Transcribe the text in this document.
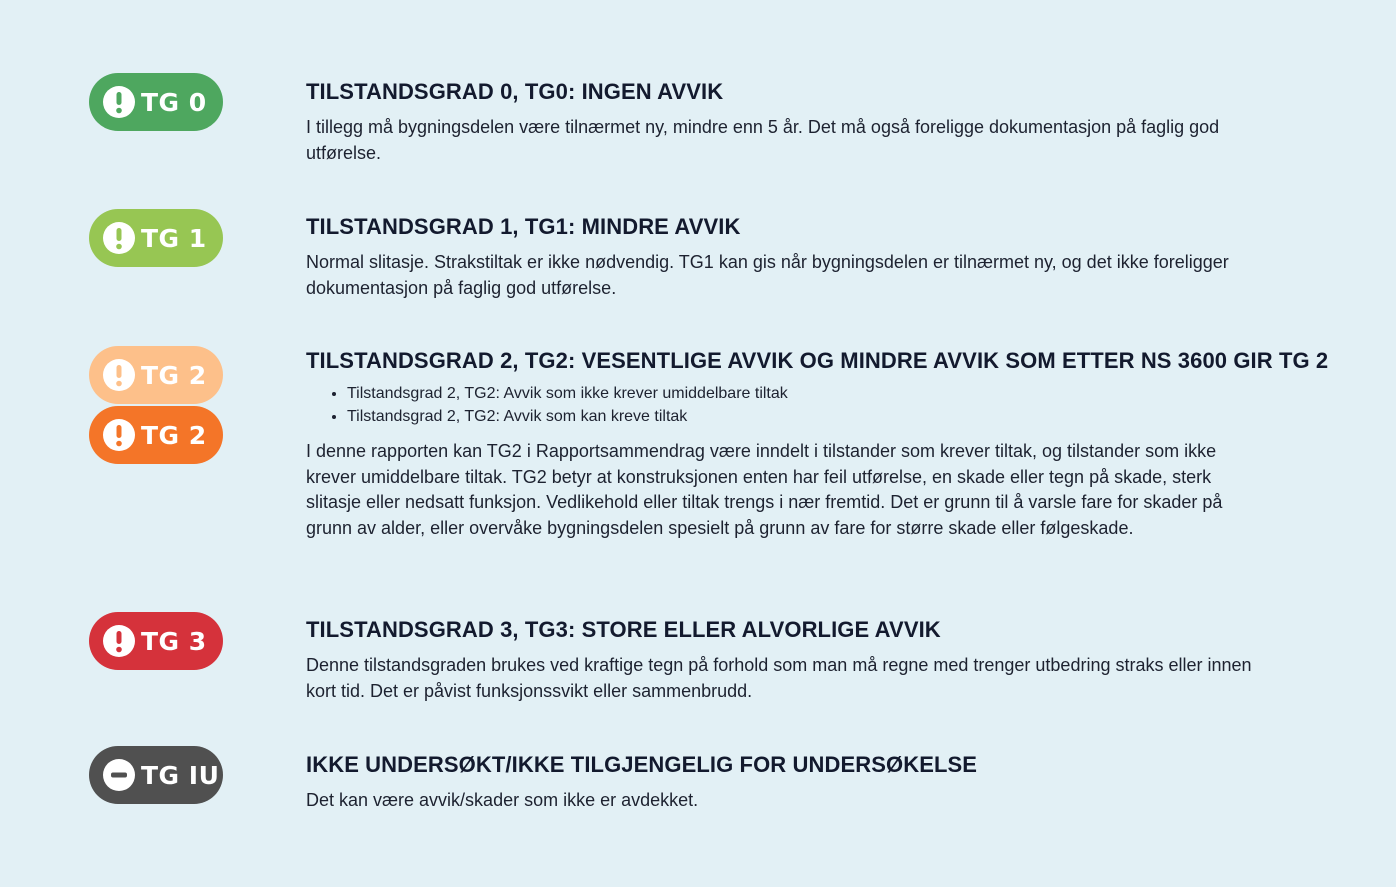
TG 0
TG 1
TG 2
TG 2
TG 3
TG IU
TILSTANDSGRAD 0, TG0: INGEN AVVIK

I tillegg må bygningsdelen være tilnærmet ny, mindre enn 5 år. Det må også foreligge dokumentasjon på faglig god utførelse.

TILSTANDSGRAD 1, TG1: MINDRE AVVIK

Normal slitasje. Strakstiltak er ikke nødvendig. TG1 kan gis når bygningsdelen er tilnærmet ny, og det ikke foreligger dokumentasjon på faglig god utførelse.

TILSTANDSGRAD 2, TG2: VESENTLIGE AVVIK OG MINDRE AVVIK SOM ETTER NS 3600 GIR TG 2
• Tilstandsgrad 2, TG2: Avvik som ikke krever umiddelbare tiltak
• Tilstandsgrad 2, TG2: Avvik som kan kreve tiltak

I denne rapporten kan TG2 i Rapportsammendrag være inndelt i tilstander som krever tiltak, og tilstander som ikke krever umiddelbare tiltak. TG2 betyr at konstruksjonen enten har feil utførelse, en skade eller tegn på skade, sterk slitasje eller nedsatt funksjon. Vedlikehold eller tiltak trengs i nær fremtid. Det er grunn til å varsle fare for skader på grunn av alder, eller overvåke bygningsdelen spesielt på grunn av fare for større skade eller følgeskade.

TILSTANDSGRAD 3, TG3: STORE ELLER ALVORLIGE AVVIK

Denne tilstandsgraden brukes ved kraftige tegn på forhold som man må regne med trenger utbedring straks eller innen kort tid. Det er påvist funksjonssvikt eller sammenbrudd.

IKKE UNDERSØKT/IKKE TILGJENGELIG FOR UNDERSØKELSE

Det kan være avvik/skader som ikke er avdekket.
